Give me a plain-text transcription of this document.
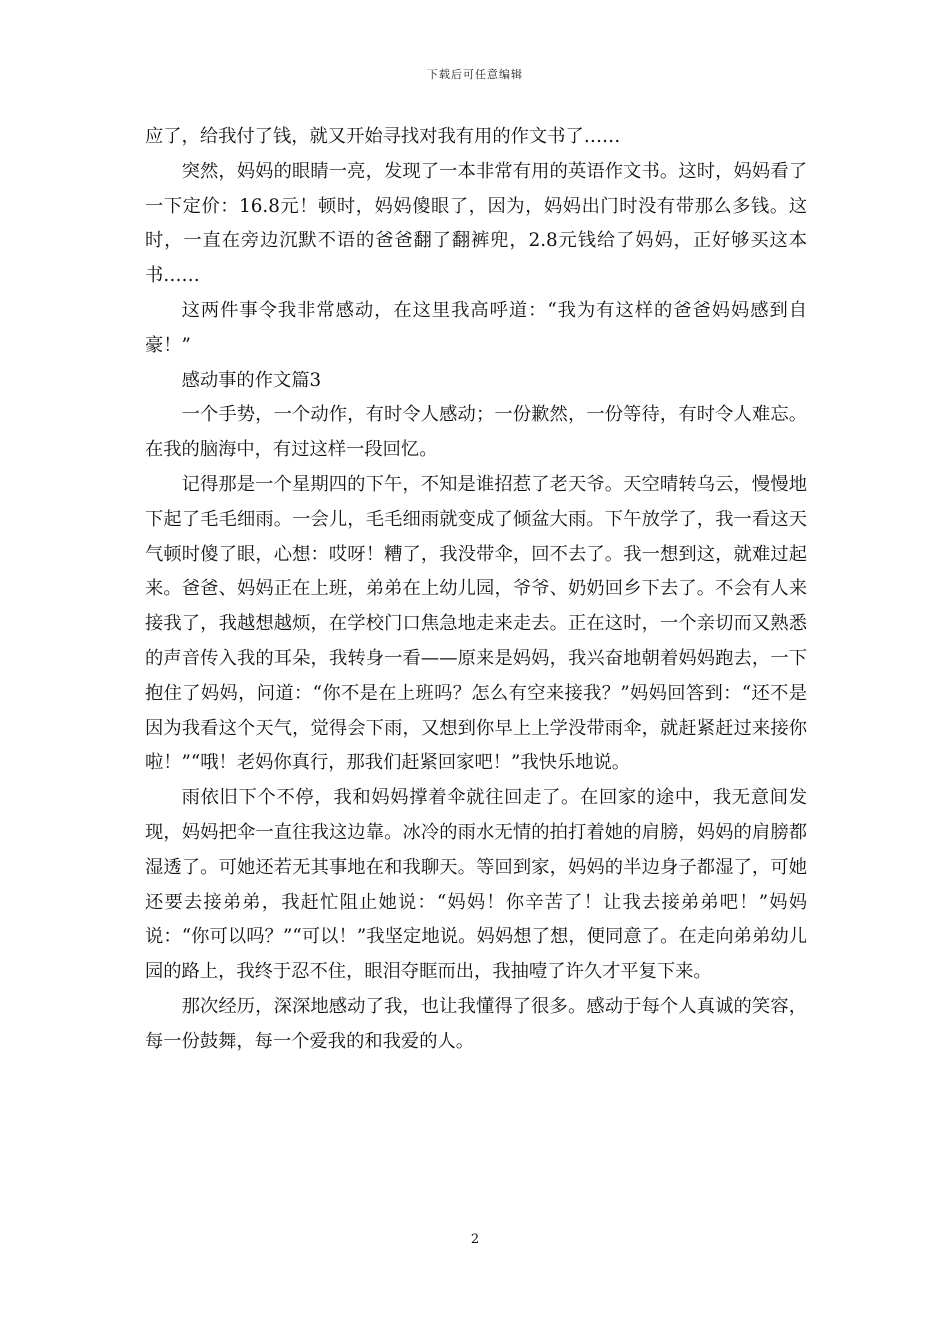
下载后可任意编辑

应了，给我付了钱，就又开始寻找对我有用的作文书了……

突然，妈妈的眼睛一亮，发现了一本非常有用的英语作文书。这时，妈妈看了一下定价：16.8元！顿时，妈妈傻眼了，因为，妈妈出门时没有带那么多钱。这时，一直在旁边沉默不语的爸爸翻了翻裤兜，2.8元钱给了妈妈，正好够买这本书……

这两件事令我非常感动，在这里我高呼道：“我为有这样的爸爸妈妈感到自豪！”

感动事的作文篇3

一个手势，一个动作，有时令人感动；一份歉然，一份等待，有时令人难忘。在我的脑海中，有过这样一段回忆。

记得那是一个星期四的下午，不知是谁招惹了老天爷。天空晴转乌云，慢慢地下起了毛毛细雨。一会儿，毛毛细雨就变成了倾盆大雨。下午放学了，我一看这天气顿时傻了眼，心想：哎呀！糟了，我没带伞，回不去了。我一想到这，就难过起来。爸爸、妈妈正在上班，弟弟在上幼儿园，爷爷、奶奶回乡下去了。不会有人来接我了，我越想越烦，在学校门口焦急地走来走去。正在这时，一个亲切而又熟悉的声音传入我的耳朵，我转身一看——原来是妈妈，我兴奋地朝着妈妈跑去，一下抱住了妈妈，问道：“你不是在上班吗？怎么有空来接我？”妈妈回答到：“还不是因为我看这个天气，觉得会下雨，又想到你早上上学没带雨伞，就赶紧赶过来接你啦！”“哦！老妈你真行，那我们赶紧回家吧！”我快乐地说。

雨依旧下个不停，我和妈妈撑着伞就往回走了。在回家的途中，我无意间发现，妈妈把伞一直往我这边靠。冰冷的雨水无情的拍打着她的肩膀，妈妈的肩膀都湿透了。可她还若无其事地在和我聊天。等回到家，妈妈的半边身子都湿了，可她还要去接弟弟，我赶忙阻止她说：“妈妈！你辛苦了！让我去接弟弟吧！”妈妈说：“你可以吗？”“可以！”我坚定地说。妈妈想了想，便同意了。在走向弟弟幼儿园的路上，我终于忍不住，眼泪夺眶而出，我抽噎了许久才平复下来。

那次经历，深深地感动了我，也让我懂得了很多。感动于每个人真诚的笑容，每一份鼓舞，每一个爱我的和我爱的人。

2
